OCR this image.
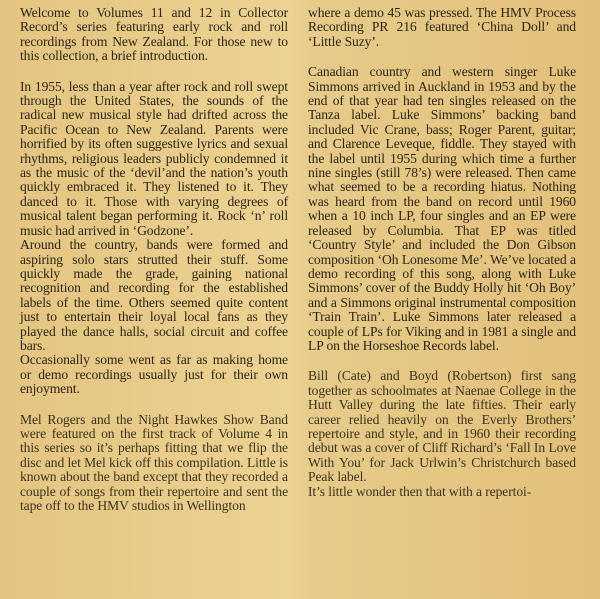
Welcome to Volumes 11 and 12 in Collector Record’s series featuring early rock and roll recordings from New Zealand. For those new to this collection, a brief introduction.

In 1955, less than a year after rock and roll swept through the United States, the sounds of the radical new musical style had drifted across the Pacific Ocean to New Zealand. Parents were horrified by its often suggestive lyrics and sexual rhythms, religious leaders publicly condemned it as the music of the ‘devil’and the nation’s youth quickly embraced it. They listened to it. They danced to it. Those with varying degrees of musical talent began performing it. Rock ‘n’ roll music had arrived in ‘Godzone’.

Around the country, bands were formed and aspiring solo stars strutted their stuff. Some quickly made the grade, gaining national recognition and recording for the established labels of the time. Others seemed quite content just to entertain their loyal local fans as they played the dance halls, social circuit and coffee bars.

Occasionally some went as far as making home or demo recordings usually just for their own enjoyment.

Mel Rogers and the Night Hawkes Show Band were featured on the first track of Volume 4 in this series so it’s perhaps fitting that we flip the disc and let Mel kick off this compilation. Little is known about the band except that they recorded a couple of songs from their repertoire and sent the tape off to the HMV studios in Wellington

where a demo 45 was pressed. The HMV Process Recording PR 216 featured ‘China Doll’ and ‘Little Suzy’.

Canadian country and western singer Luke Simmons arrived in Auckland in 1953 and by the end of that year had ten singles released on the Tanza label. Luke Simmons’ backing band included Vic Crane, bass; Roger Parent, guitar; and Clarence Leveque, fiddle. They stayed with the label until 1955 during which time a further nine singles (still 78’s) were released. Then came what seemed to be a recording hiatus. Nothing was heard from the band on record until 1960 when a 10 inch LP, four singles and an EP were released by Columbia. That EP was titled ‘Country Style’ and included the Don Gibson composition ‘Oh Lonesome Me’. We’ve located a demo recording of this song, along with Luke Simmons’ cover of the Buddy Holly hit ‘Oh Boy’ and a Simmons original instrumental composition ‘Train Train’. Luke Simmons later released a couple of LPs for Viking and in 1981 a single and LP on the Horseshoe Records label.

Bill (Cate) and Boyd (Robertson) first sang together as schoolmates at Naenae College in the Hutt Valley during the late fifties. Their early career relied heavily on the Everly Brothers’ repertoire and style, and in 1960 their recording debut was a cover of Cliff Richard’s ‘Fall In Love With You’ for Jack Urlwin’s Christchurch based Peak label.

It’s little wonder then that with a repertoi-
